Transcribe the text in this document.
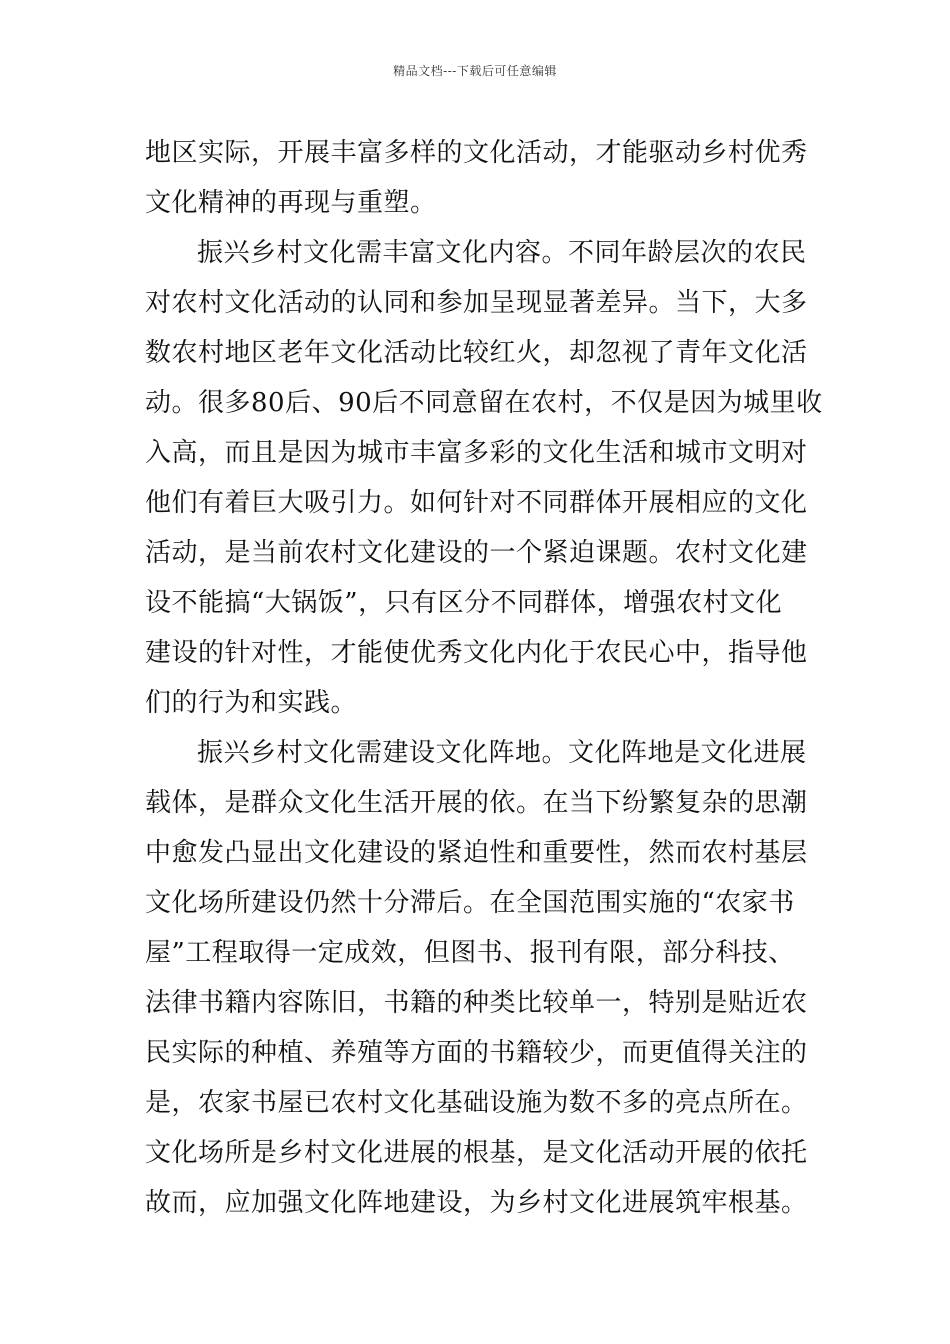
精品文档---下载后可任意编辑
地区实际，开展丰富多样的文化活动，才能驱动乡村优秀
文化精神的再现与重塑。
振兴乡村文化需丰富文化内容。不同年龄层次的农民
对农村文化活动的认同和参加呈现显著差异。当下，大多
数农村地区老年文化活动比较红火，却忽视了青年文化活
动。很多80后、90后不同意留在农村，不仅是因为城里收
入高，而且是因为城市丰富多彩的文化生活和城市文明对
他们有着巨大吸引力。如何针对不同群体开展相应的文化
活动，是当前农村文化建设的一个紧迫课题。农村文化建
设不能搞“大锅饭”，只有区分不同群体，增强农村文化
建设的针对性，才能使优秀文化内化于农民心中，指导他
们的行为和实践。
振兴乡村文化需建设文化阵地。文化阵地是文化进展
载体，是群众文化生活开展的依。在当下纷繁复杂的思潮
中愈发凸显出文化建设的紧迫性和重要性，然而农村基层
文化场所建设仍然十分滞后。在全国范围实施的“农家书
屋”工程取得一定成效，但图书、报刊有限，部分科技、
法律书籍内容陈旧，书籍的种类比较单一，特别是贴近农
民实际的种植、养殖等方面的书籍较少，而更值得关注的
是，农家书屋已农村文化基础设施为数不多的亮点所在。
文化场所是乡村文化进展的根基，是文化活动开展的依托
故而，应加强文化阵地建设，为乡村文化进展筑牢根基。
